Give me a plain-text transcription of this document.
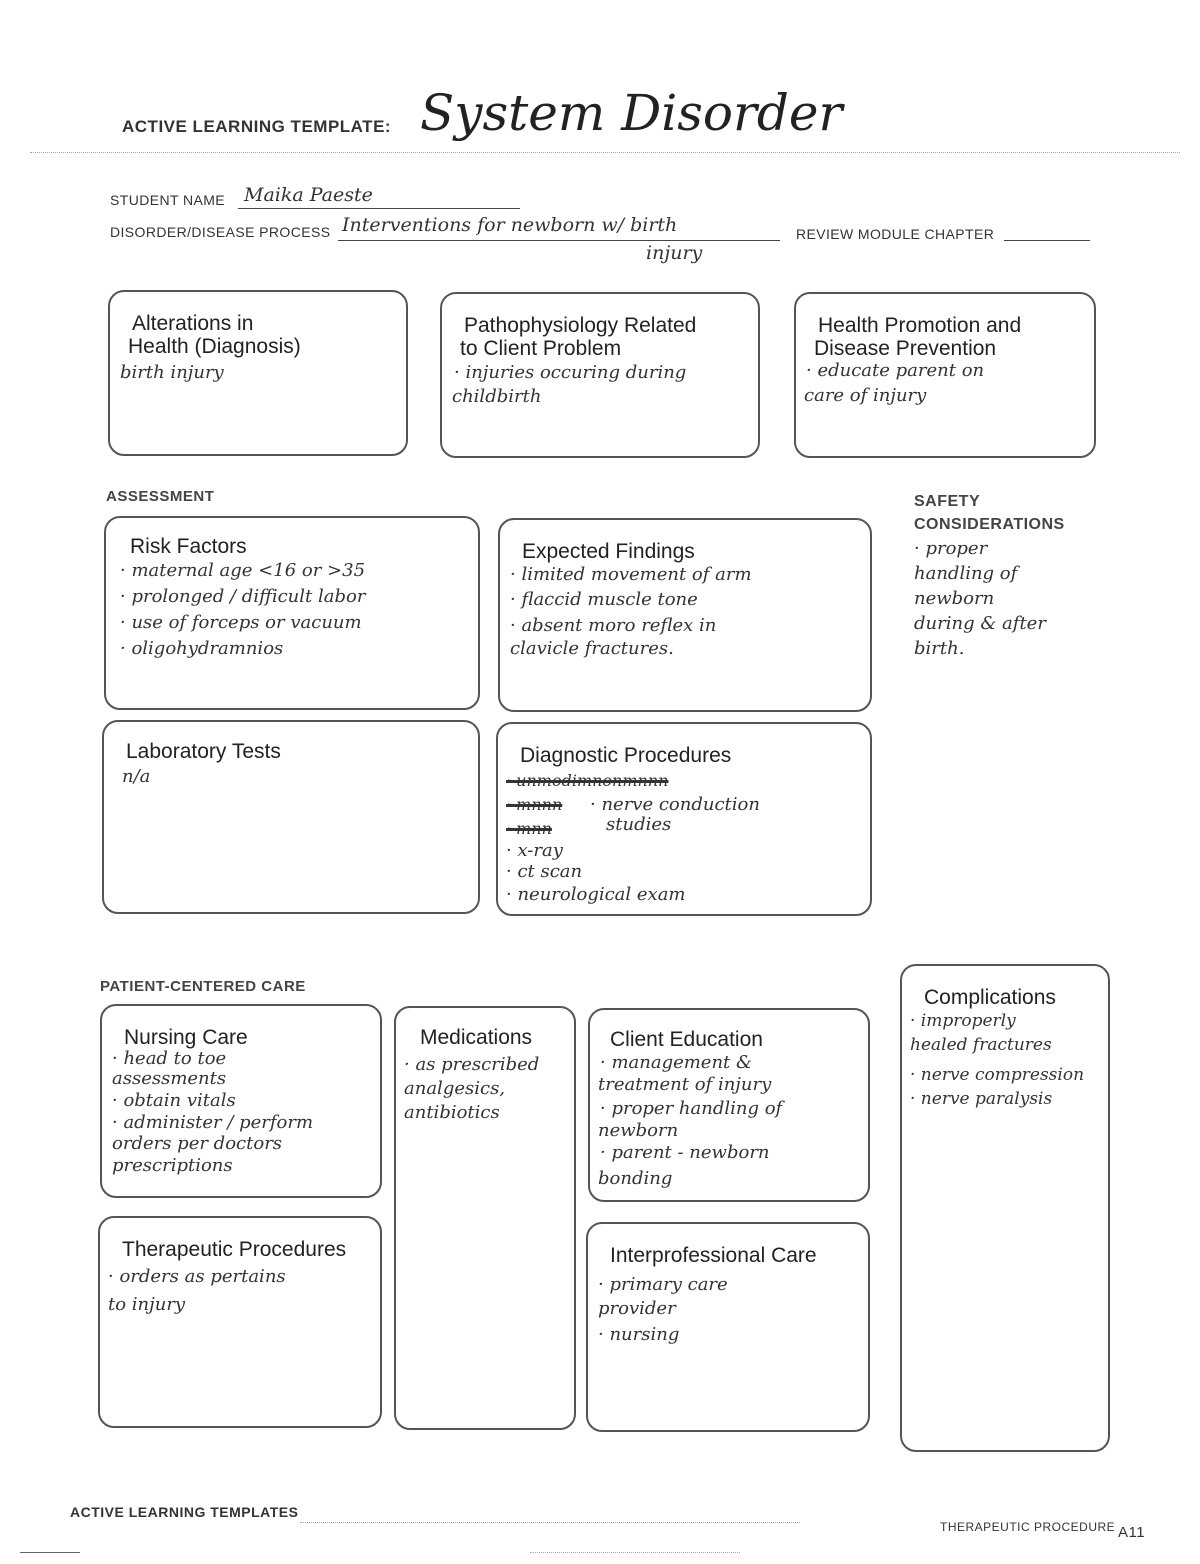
ACTIVE LEARNING TEMPLATE: System Disorder
STUDENT NAME Maika Paeste
DISORDER/DISEASE PROCESS Interventions for newborn w/ birth
injury
REVIEW MODULE CHAPTER
Alterations in
Health (Diagnosis)
birth injury
Pathophysiology Related
to Client Problem
· injuries occuring during
childbirth
Health Promotion and
Disease Prevention
· educate parent on
care of injury
ASSESSMENT
Risk Factors
· maternal age <16 or >35
· prolonged / difficult labor
· use of forceps or vacuum
· oligohydramnios
Expected Findings
· limited movement of arm
· flaccid muscle tone
· absent moro reflex in
clavicle fractures.
SAFETY
CONSIDERATIONS
· proper
handling of
newborn
during & after
birth.
Laboratory Tests
n/a
Diagnostic Procedures
· unmodimnonmnnn
· mnnn · nerve conduction
· mnn	studies
· x-ray
· ct scan
· neurological exam
PATIENT-CENTERED CARE
Nursing Care
· head to toe
assessments
· obtain vitals
· administer / perform
orders per doctors
prescriptions
Medications
· as prescribed
analgesics,
antibiotics
Client Education
· management &
treatment of injury
· proper handling of
newborn
· parent - newborn
bonding
Complications
· improperly
healed fractures
· nerve compression
· nerve paralysis
Therapeutic Procedures
· orders as pertains
to injury
Interprofessional Care
· primary care
provider
· nursing
ACTIVE LEARNING TEMPLATES
THERAPEUTIC PROCEDURE A11
